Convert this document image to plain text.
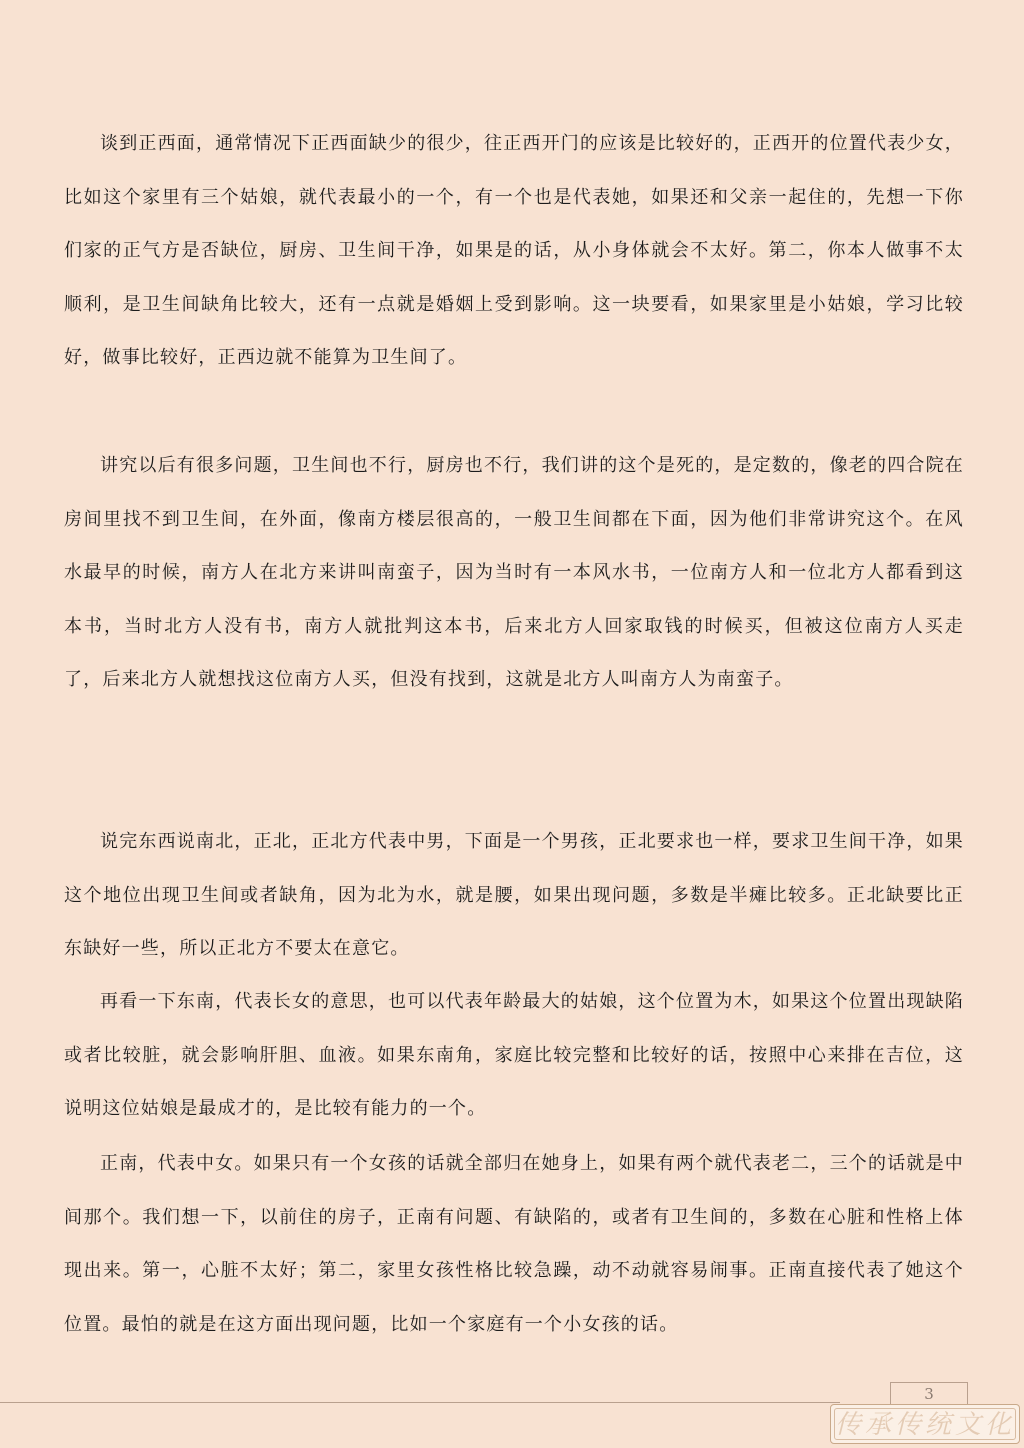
谈到正西面，通常情况下正西面缺少的很少，往正西开门的应该是比较好的，正西开的位置代表少女，比如这个家里有三个姑娘，就代表最小的一个，有一个也是代表她，如果还和父亲一起住的，先想一下你们家的正气方是否缺位，厨房、卫生间干净，如果是的话，从小身体就会不太好。第二，你本人做事不太顺利，是卫生间缺角比较大，还有一点就是婚姻上受到影响。这一块要看，如果家里是小姑娘，学习比较好，做事比较好，正西边就不能算为卫生间了。

讲究以后有很多问题，卫生间也不行，厨房也不行，我们讲的这个是死的，是定数的，像老的四合院在房间里找不到卫生间，在外面，像南方楼层很高的，一般卫生间都在下面，因为他们非常讲究这个。在风水最早的时候，南方人在北方来讲叫南蛮子，因为当时有一本风水书，一位南方人和一位北方人都看到这本书，当时北方人没有书，南方人就批判这本书，后来北方人回家取钱的时候买，但被这位南方人买走了，后来北方人就想找这位南方人买，但没有找到，这就是北方人叫南方人为南蛮子。

说完东西说南北，正北，正北方代表中男，下面是一个男孩，正北要求也一样，要求卫生间干净，如果这个地位出现卫生间或者缺角，因为北为水，就是腰，如果出现问题，多数是半瘫比较多。正北缺要比正东缺好一些，所以正北方不要太在意它。

再看一下东南，代表长女的意思，也可以代表年龄最大的姑娘，这个位置为木，如果这个位置出现缺陷或者比较脏，就会影响肝胆、血液。如果东南角，家庭比较完整和比较好的话，按照中心来排在吉位，这说明这位姑娘是最成才的，是比较有能力的一个。

正南，代表中女。如果只有一个女孩的话就全部归在她身上，如果有两个就代表老二，三个的话就是中间那个。我们想一下，以前住的房子，正南有问题、有缺陷的，或者有卫生间的，多数在心脏和性格上体现出来。第一，心脏不太好；第二，家里女孩性格比较急躁，动不动就容易闹事。正南直接代表了她这个位置。最怕的就是在这方面出现问题，比如一个家庭有一个小女孩的话。

3
传承传统文化
